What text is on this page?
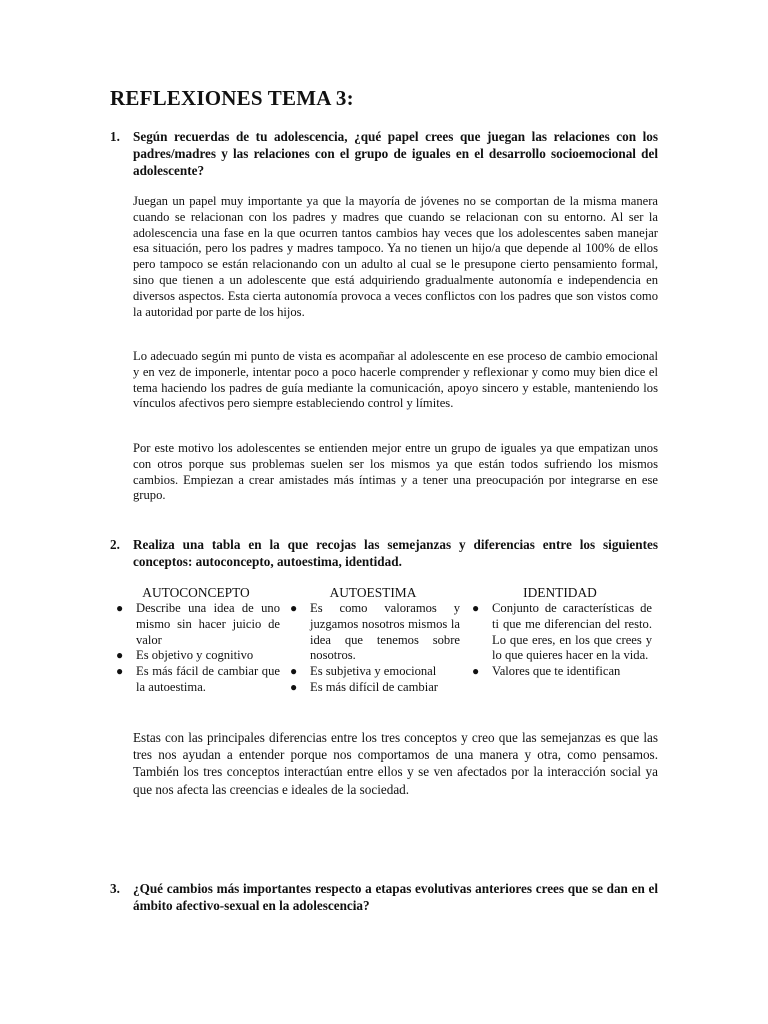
REFLEXIONES TEMA 3:
1. Según recuerdas de tu adolescencia, ¿qué papel crees que juegan las relaciones con los padres/madres y las relaciones con el grupo de iguales en el desarrollo socioemocional del adolescente?
Juegan un papel muy importante ya que la mayoría de jóvenes no se comportan de la misma manera cuando se relacionan con los padres y madres que cuando se relacionan con su entorno. Al ser la adolescencia una fase en la que ocurren tantos cambios hay veces que los adolescentes saben manejar esa situación, pero los padres y madres tampoco. Ya no tienen un hijo/a que depende al 100% de ellos pero tampoco se están relacionando con un adulto al cual se le presupone cierto pensamiento formal, sino que tienen a un adolescente que está adquiriendo gradualmente autonomía e independencia en diversos aspectos. Esta cierta autonomía provoca a veces conflictos con los padres que son vistos como la autoridad por parte de los hijos.
Lo adecuado según mi punto de vista es acompañar al adolescente en ese proceso de cambio emocional y en vez de imponerle, intentar poco a poco hacerle comprender y reflexionar y como muy bien dice el tema haciendo los padres de guía mediante la comunicación, apoyo sincero y estable, manteniendo los vínculos afectivos pero siempre estableciendo control y límites.
Por este motivo los adolescentes se entienden mejor entre un grupo de iguales ya que empatizan unos con otros porque sus problemas suelen ser los mismos ya que están todos sufriendo los mismos cambios. Empiezan a crear amistades más íntimas y a tener una preocupación por integrarse en ese grupo.
2. Realiza una tabla en la que recojas las semejanzas y diferencias entre los siguientes conceptos: autoconcepto, autoestima, identidad.
AUTOCONCEPTO
● Describe una idea de uno mismo sin hacer juicio de valor
● Es objetivo y cognitivo
● Es más fácil de cambiar que la autoestima.
AUTOESTIMA
● Es como valoramos y juzgamos nosotros mismos la idea que tenemos sobre nosotros.
● Es subjetiva y emocional
● Es más difícil de cambiar
IDENTIDAD
● Conjunto de características de ti que me diferencian del resto. Lo que eres, en los que crees y lo que quieres hacer en la vida.
● Valores que te identifican
Estas con las principales diferencias entre los tres conceptos y creo que las semejanzas es que las tres nos ayudan a entender porque nos comportamos de una manera y otra, como pensamos. También los tres conceptos interactúan entre ellos y se ven afectados por la interacción social ya que nos afecta las creencias e ideales de la sociedad.
3. ¿Qué cambios más importantes respecto a etapas evolutivas anteriores crees que se dan en el ámbito afectivo-sexual en la adolescencia?
